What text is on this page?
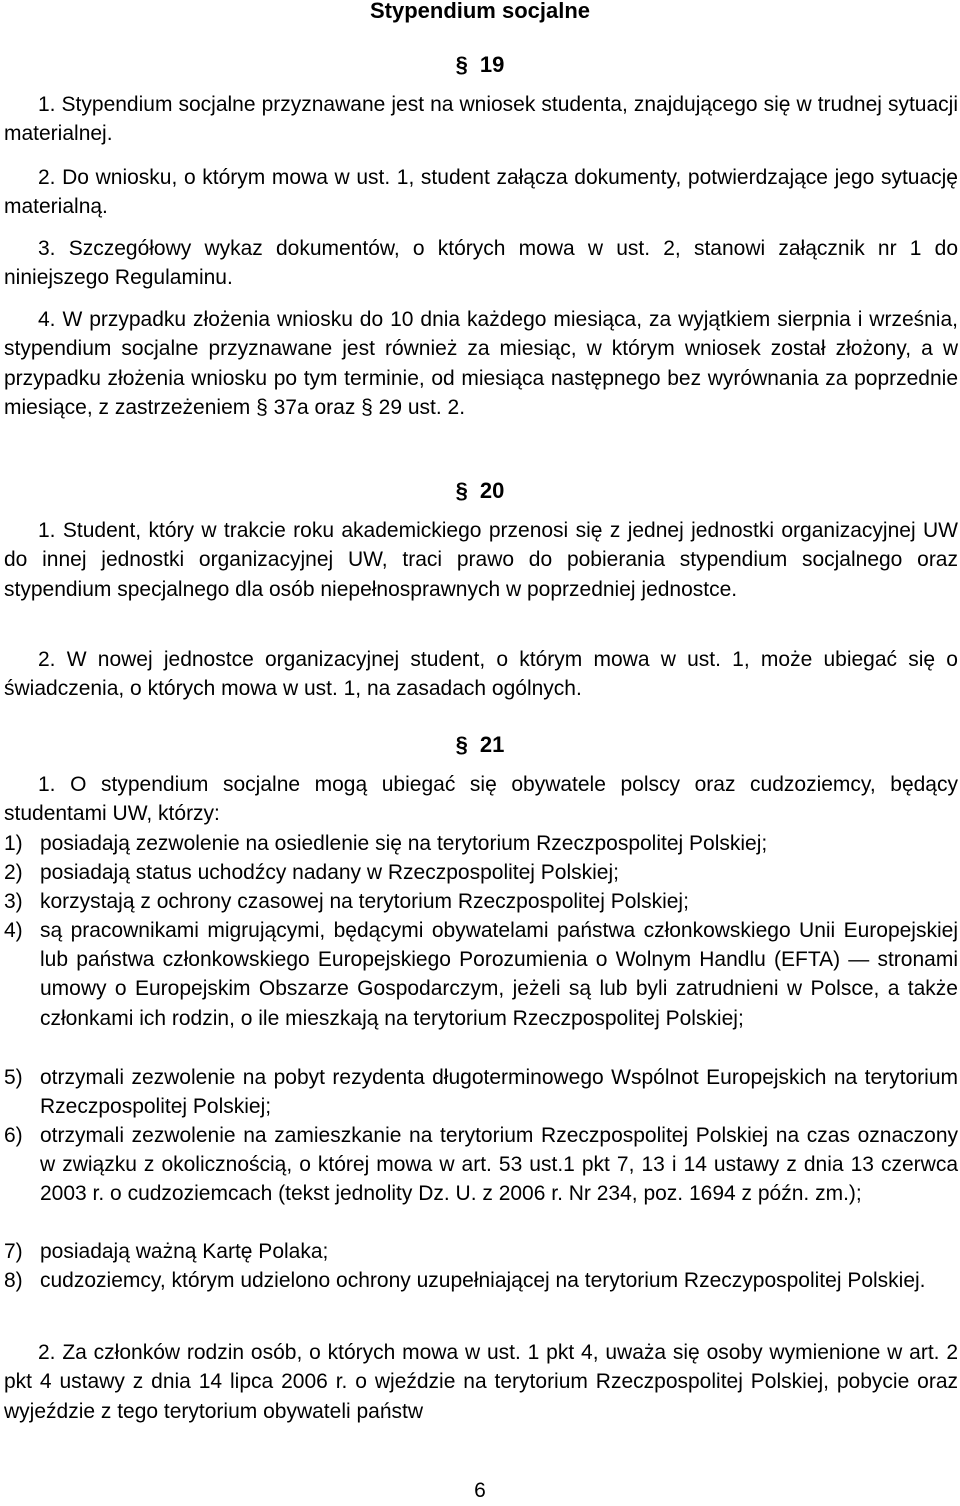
Stypendium socjalne
§ 19
1. Stypendium socjalne przyznawane jest na wniosek studenta, znajdującego się w trudnej sytuacji materialnej.
2. Do wniosku, o którym mowa w ust. 1, student załącza dokumenty, potwierdzające jego sytuację materialną.
3. Szczegółowy wykaz dokumentów, o których mowa w ust. 2, stanowi załącznik nr 1 do niniejszego Regulaminu.
4. W przypadku złożenia wniosku do 10 dnia każdego miesiąca, za wyjątkiem sierpnia i września, stypendium socjalne przyznawane jest również za miesiąc, w którym wniosek został złożony, a w przypadku złożenia wniosku po tym terminie, od miesiąca następnego bez wyrównania za poprzednie miesiące, z zastrzeżeniem § 37a oraz § 29 ust. 2.
§ 20
1. Student, który w trakcie roku akademickiego przenosi się z jednej jednostki organizacyjnej UW do innej jednostki organizacyjnej UW, traci prawo do pobierania stypendium socjalnego oraz stypendium specjalnego dla osób niepełnosprawnych w poprzedniej jednostce.
2. W nowej jednostce organizacyjnej student, o którym mowa w ust. 1, może ubiegać się o świadczenia, o których mowa w ust. 1, na zasadach ogólnych.
§ 21
1. O stypendium socjalne mogą ubiegać się obywatele polscy oraz cudzoziemcy, będący studentami UW, którzy:
1) posiadają zezwolenie na osiedlenie się na terytorium Rzeczpospolitej Polskiej;
2) posiadają status uchodźcy nadany w Rzeczpospolitej Polskiej;
3) korzystają z ochrony czasowej na terytorium Rzeczpospolitej Polskiej;
4) są pracownikami migrującymi, będącymi obywatelami państwa członkowskiego Unii Europejskiej lub państwa członkowskiego Europejskiego Porozumienia o Wolnym Handlu (EFTA) — stronami umowy o Europejskim Obszarze Gospodarczym, jeżeli są lub byli zatrudnieni w Polsce, a także członkami ich rodzin, o ile mieszkają na terytorium Rzeczpospolitej Polskiej;
5) otrzymali zezwolenie na pobyt rezydenta długoterminowego Wspólnot Europejskich na terytorium Rzeczpospolitej Polskiej;
6) otrzymali zezwolenie na zamieszkanie na terytorium Rzeczpospolitej Polskiej na czas oznaczony w związku z okolicznością, o której mowa w art. 53 ust.1 pkt 7, 13 i 14 ustawy z dnia 13 czerwca 2003 r. o cudzoziemcach (tekst jednolity Dz. U. z 2006 r. Nr 234, poz. 1694 z późn. zm.);
7) posiadają ważną Kartę Polaka;
8) cudzoziemcy, którym udzielono ochrony uzupełniającej na terytorium Rzeczypospolitej Polskiej.
2. Za członków rodzin osób, o których mowa w ust. 1 pkt 4, uważa się osoby wymienione w art. 2 pkt 4 ustawy z dnia 14 lipca 2006 r. o wjeździe na terytorium Rzeczpospolitej Polskiej, pobycie oraz wyjeździe z tego terytorium obywateli państw
6
